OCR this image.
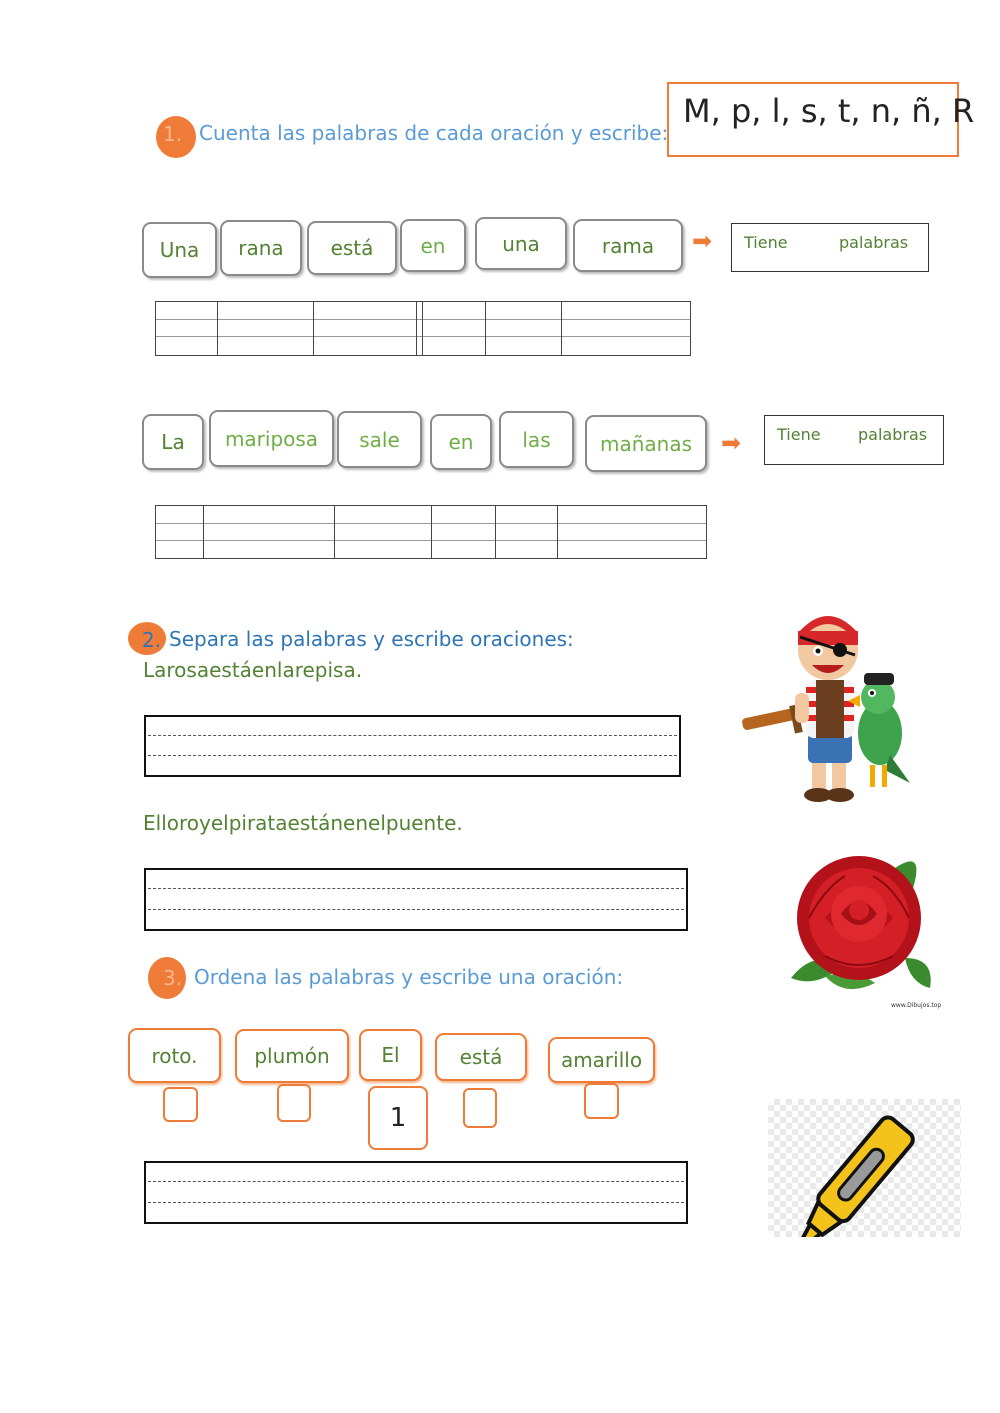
M, p, l, s, t, n, ñ, R
1. Cuenta las palabras de cada oración y escribe:
Una	rana	está	en	una	rama	➡ Tiene	palabras
La	mariposa	sale	en	las	mañanas	➡ Tiene palabras
2. Separa las palabras y escribe oraciones:
Larosaestáenlarepisa.
Elloroyelpirataestánenelpuente.
3. Ordena las palabras y escribe una oración:
roto.	plumón	El	está	amarillo
1
www.Dibujos.top
